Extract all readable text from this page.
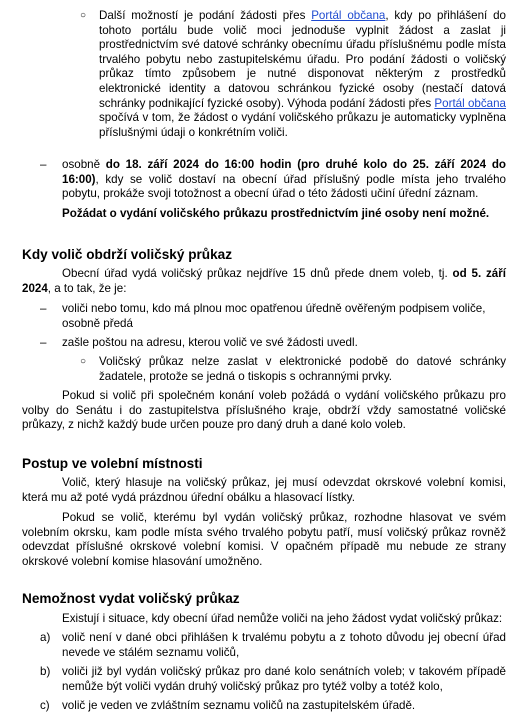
○ Další možností je podání žádosti přes Portál občana, kdy po přihlášení do tohoto portálu bude volič moci jednoduše vyplnit žádost a zaslat ji prostřednictvím své datové schránky obecnímu úřadu příslušnému podle místa trvalého pobytu nebo zastupitelskému úřadu. Pro podání žádosti o voličský průkaz tímto způsobem je nutné disponovat některým z prostředků elektronické identity a datovou schránkou fyzické osoby (nestačí datová schránky podnikající fyzické osoby). Výhoda podání žádosti přes Portál občana spočívá v tom, že žádost o vydání voličského průkazu je automaticky vyplněna příslušnými údaji o konkrétním voliči.

– osobně do 18. září 2024 do 16:00 hodin (pro druhé kolo do 25. září 2024 do 16:00), kdy se volič dostaví na obecní úřad příslušný podle místa jeho trvalého pobytu, prokáže svoji totožnost a obecní úřad o této žádosti učiní úřední záznam.

Požádat o vydání voličského průkazu prostřednictvím jiné osoby není možné.

Kdy volič obdrží voličský průkaz

Obecní úřad vydá voličský průkaz nejdříve 15 dnů přede dnem voleb, tj. od 5. září 2024, a to tak, že je:

– voliči nebo tomu, kdo má plnou moc opatřenou úředně ověřeným podpisem voliče, osobně předá

– zašle poštou na adresu, kterou volič ve své žádosti uvedl.

○ Voličský průkaz nelze zaslat v elektronické podobě do datové schránky žadatele, protože se jedná o tiskopis s ochrannými prvky.

Pokud si volič při společném konání voleb požádá o vydání voličského průkazu pro volby do Senátu i do zastupitelstva příslušného kraje, obdrží vždy samostatné voličské průkazy, z nichž každý bude určen pouze pro daný druh a dané kolo voleb.

Postup ve volební místnosti

Volič, který hlasuje na voličský průkaz, jej musí odevzdat okrskové volební komisi, která mu až poté vydá prázdnou úřední obálku a hlasovací lístky.

Pokud se volič, kterému byl vydán voličský průkaz, rozhodne hlasovat ve svém volebním okrsku, kam podle místa svého trvalého pobytu patří, musí voličský průkaz rovněž odevzdat příslušné okrskové volební komisi. V opačném případě mu nebude ze strany okrskové volební komise hlasování umožněno.

Nemožnost vydat voličský průkaz

Existují i situace, kdy obecní úřad nemůže voliči na jeho žádost vydat voličský průkaz:

a) volič není v dané obci přihlášen k trvalému pobytu a z tohoto důvodu jej obecní úřad nevede ve stálém seznamu voličů,

b) voliči již byl vydán voličský průkaz pro dané kolo senátních voleb; v takovém případě nemůže být voliči vydán druhý voličský průkaz pro tytéž volby a totéž kolo,

c) volič je veden ve zvláštním seznamu voličů na zastupitelském úřadě.
